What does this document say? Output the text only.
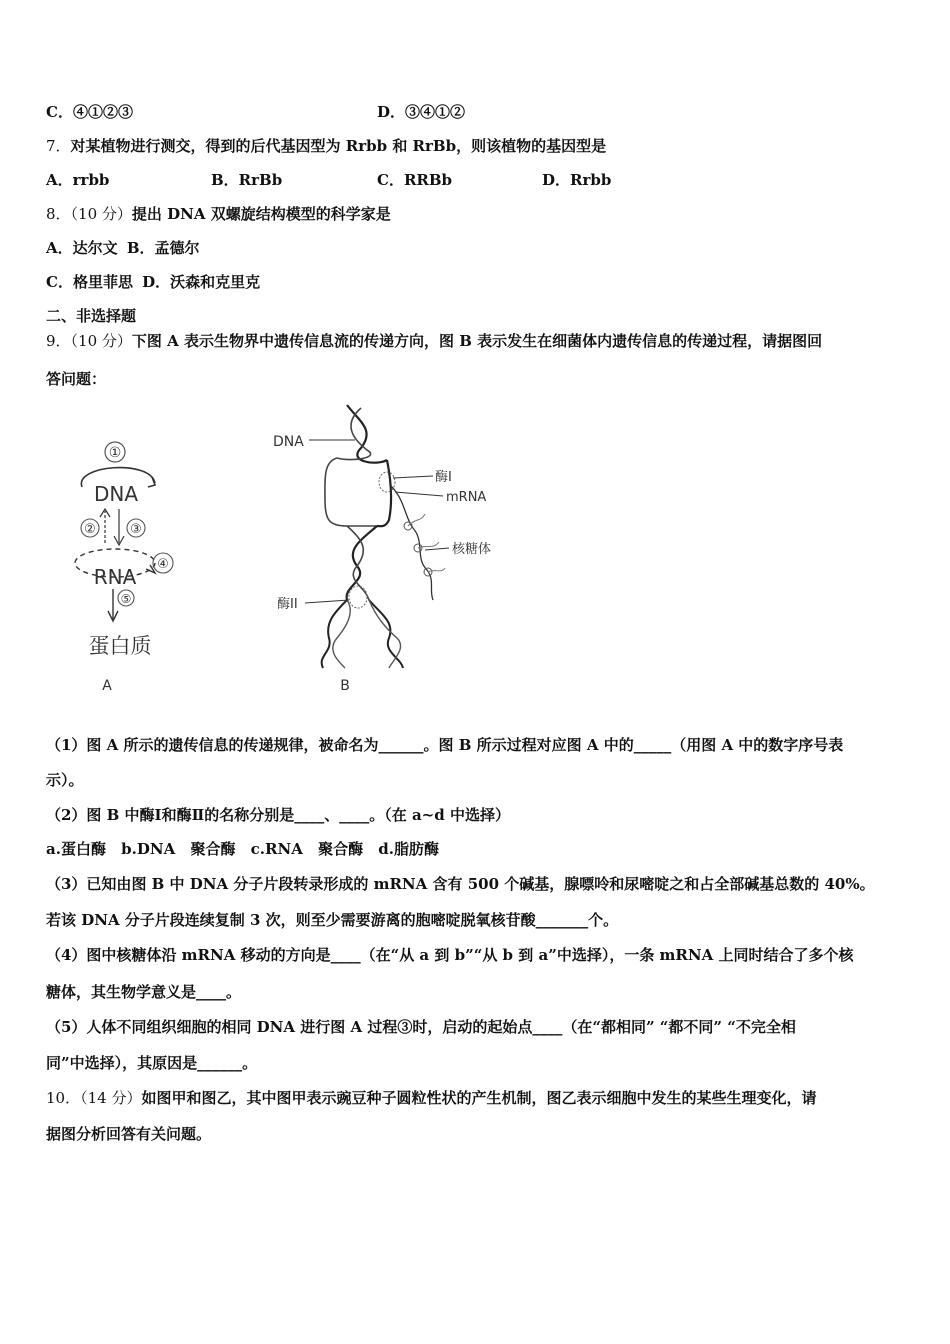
C．④①②③	D．③④①②
7．对某植物进行测交，得到的后代基因型为 Rrbb 和 RrBb，则该植物的基因型是
A．rrbb	B．RrBb	C．RRBb	D．Rrbb
8．（10 分）提出 DNA 双螺旋结构模型的科学家是
A．达尔文 B．孟德尔
C．格里菲思 D．沃森和克里克
二、非选择题
9．（10 分）下图 A 表示生物界中遗传信息流的传递方向，图 B 表示发生在细菌体内遗传信息的传递过程，请据图回
答问题：
①
DNA
②	③
④
RNA
⑤
蛋白质
A
DNA
酶I
mRNA
核糖体
酶II
B
（1）图 A 所示的遗传信息的传递规律，被命名为______。图 B 所示过程对应图 A 中的_____（用图 A 中的数字序号表
示）。
（2）图 B 中酶Ⅰ和酶Ⅱ的名称分别是____、____。（在 a~d 中选择）
a.蛋白酶 b.DNA 聚合酶 c.RNA 聚合酶 d.脂肪酶
（3）已知由图 B 中 DNA 分子片段转录形成的 mRNA 含有 500 个碱基，腺嘌呤和尿嘧啶之和占全部碱基总数的 40%。
若该 DNA 分子片段连续复制 3 次，则至少需要游离的胞嘧啶脱氧核苷酸_______个。
（4）图中核糖体沿 mRNA 移动的方向是____（在“从 a 到 b”“从 b 到 a”中选择），一条 mRNA 上同时结合了多个核
糖体，其生物学意义是____。
（5）人体不同组织细胞的相同 DNA 进行图 A 过程③时，启动的起始点____（在“都相同” “都不同” “不完全相
同”中选择），其原因是______。
10．（14 分）如图甲和图乙，其中图甲表示豌豆种子圆粒性状的产生机制，图乙表示细胞中发生的某些生理变化，请
据图分析回答有关问题。
